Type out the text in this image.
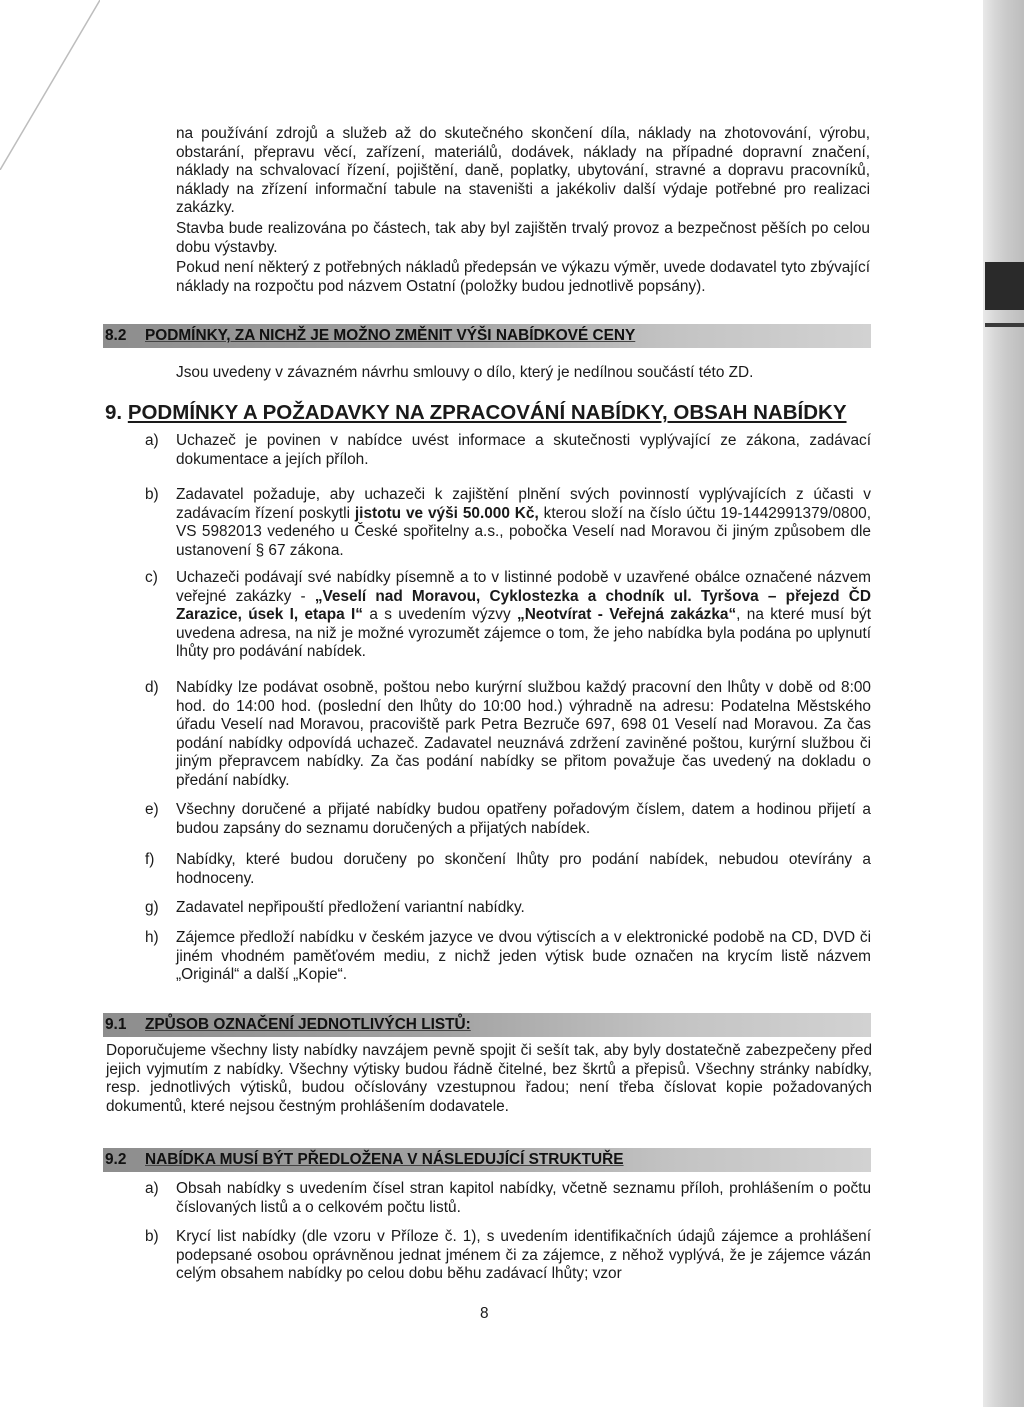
na používání zdrojů a služeb až do skutečného skončení díla, náklady na zhotovování, výrobu, obstarání, přepravu věcí, zařízení, materiálů, dodávek, náklady na případné dopravní značení, náklady na schvalovací řízení, pojištění, daně, poplatky, ubytování, stravné a dopravu pracovníků, náklady na zřízení informační tabule na staveništi a jakékoliv další výdaje potřebné pro realizaci zakázky.

Stavba bude realizována po částech, tak aby byl zajištěn trvalý provoz a bezpečnost pěších po celou dobu výstavby.

Pokud není některý z potřebných nákladů předepsán ve výkazu výměr, uvede dodavatel tyto zbývající náklady na rozpočtu pod názvem Ostatní (položky budou jednotlivě popsány).

8.2 PODMÍNKY, ZA NICHŽ JE MOŽNO ZMĚNIT VÝŠI NABÍDKOVÉ CENY

Jsou uvedeny v závazném návrhu smlouvy o dílo, který je nedílnou součástí této ZD.

9. PODMÍNKY A POŽADAVKY NA ZPRACOVÁNÍ NABÍDKY, OBSAH NABÍDKY
a) Uchazeč je povinen v nabídce uvést informace a skutečnosti vyplývající ze zákona, zadávací dokumentace a jejích příloh.

b) Zadavatel požaduje, aby uchazeči k zajištění plnění svých povinností vyplývajících z účasti v zadávacím řízení poskytli jistotu ve výši 50.000 Kč, kterou složí na číslo účtu 19-1442991379/0800, VS 5982013 vedeného u České spořitelny a.s., pobočka Veselí nad Moravou či jiným způsobem dle ustanovení § 67 zákona.

c) Uchazeči podávají své nabídky písemně a to v listinné podobě v uzavřené obálce označené názvem veřejné zakázky - „Veselí nad Moravou, Cyklostezka a chodník ul. Tyršova – přejezd ČD Zarazice, úsek I, etapa I“ a s uvedením výzvy „Neotvírat - Veřejná zakázka“, na které musí být uvedena adresa, na niž je možné vyrozumět zájemce o tom, že jeho nabídka byla podána po uplynutí lhůty pro podávání nabídek.

d) Nabídky lze podávat osobně, poštou nebo kurýrní službou každý pracovní den lhůty v době od 8:00 hod. do 14:00 hod. (poslední den lhůty do 10:00 hod.) výhradně na adresu: Podatelna Městského úřadu Veselí nad Moravou, pracoviště park Petra Bezruče 697, 698 01 Veselí nad Moravou. Za čas podání nabídky odpovídá uchazeč. Zadavatel neuznává zdržení zaviněné poštou, kurýrní službou či jiným přepravcem nabídky. Za čas podání nabídky se přitom považuje čas uvedený na dokladu o předání nabídky.

e) Všechny doručené a přijaté nabídky budou opatřeny pořadovým číslem, datem a hodinou přijetí a budou zapsány do seznamu doručených a přijatých nabídek.

f) Nabídky, které budou doručeny po skončení lhůty pro podání nabídek, nebudou otevírány a hodnoceny.

g) Zadavatel nepřipouští předložení variantní nabídky.

h) Zájemce předloží nabídku v českém jazyce ve dvou výtiscích a v elektronické podobě na CD, DVD či jiném vhodném paměťovém mediu, z nichž jeden výtisk bude označen na krycím listě názvem „Originál“ a další „Kopie“.

9.1 ZPŮSOB OZNAČENÍ JEDNOTLIVÝCH LISTŮ:

Doporučujeme všechny listy nabídky navzájem pevně spojit či sešít tak, aby byly dostatečně zabezpečeny před jejich vyjmutím z nabídky. Všechny výtisky budou řádně čitelné, bez škrtů a přepisů. Všechny stránky nabídky, resp. jednotlivých výtisků, budou očíslovány vzestupnou řadou; není třeba číslovat kopie požadovaných dokumentů, které nejsou čestným prohlášením dodavatele.

9.2 NABÍDKA MUSÍ BÝT PŘEDLOŽENA V NÁSLEDUJÍCÍ STRUKTUŘE
a) Obsah nabídky s uvedením čísel stran kapitol nabídky, včetně seznamu příloh, prohlášením o počtu číslovaných listů a o celkovém počtu listů.

b) Krycí list nabídky (dle vzoru v Příloze č. 1), s uvedením identifikačních údajů zájemce a prohlášení podepsané osobou oprávněnou jednat jménem či za zájemce, z něhož vyplývá, že je zájemce vázán celým obsahem nabídky po celou dobu běhu zadávací lhůty; vzor

8
